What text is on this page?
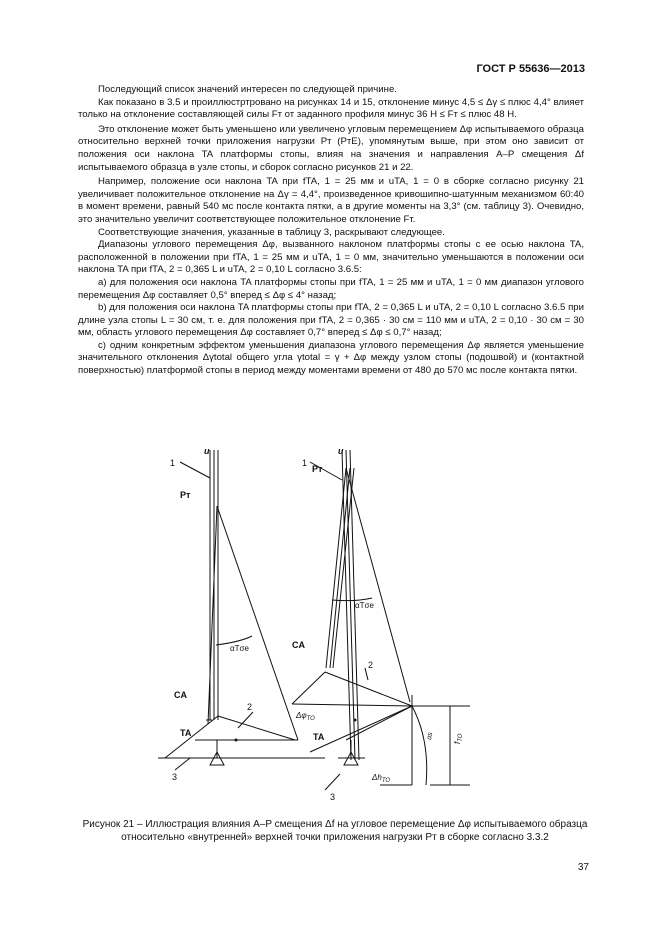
ГОСТ Р 55636—2013

Последующий список значений интересен по следующей причине.

Как показано в 3.5 и проиллюстртровано на рисунках 14 и 15, отклонение минус 4,5 ≤ Δγ ≤ плюс 4,4° влияет только на отклонение составляющей силы Fт от заданного профиля минус 36 Н ≤ Fт ≤ плюс 48 Н.

Это отклонение может быть уменьшено или увеличено угловым перемещением Δφ испытываемого образца относительно верхней точки приложения нагрузки Pт (PтE), упомянутым выше, при этом оно зависит от положения оси наклона TA платформы стопы, влияя на значения и направления A–P смещения Δf испытываемого образца в узле стопы, и сборок согласно рисунков 21 и 22.

Например, положение оси наклона TA при fTA, 1 = 25 мм и uTA, 1 = 0 в сборке согласно рисунку 21 увеличивает положительное отклонение на Δγ = 4,4°, произведенное кривошипно-шатунным механизмом 60:40 в момент времени, равный 540 мс после контакта пятки, а в другие моменты на 3,3° (см. таблицу 3). Очевидно, это значительно увеличит соответствующее положительное отклонение Fт.

Соответствующие значения, указанные в таблицу 3, раскрывают следующее.

Диапазоны углового перемещения Δφ, вызванного наклоном платформы стопы с ее осью наклона TA, расположенной в положении при fTA, 1 = 25 мм и uTA, 1 = 0 мм, значительно уменьшаются в положении оси наклона TA при fTA, 2 = 0,365 L и uTA, 2 = 0,10 L согласно 3.6.5:

a) для положения оси наклона TA платформы стопы при fTA, 1 = 25 мм и uTA, 1 = 0 мм диапазон углового перемещения Δφ составляет 0,5° вперед ≤ Δφ ≤ 4° назад;

b) для положения оси наклона TA платформы стопы при fTA, 2 = 0,365 L и uTA, 2 = 0,10 L согласно 3.6.5 при длине узла стопы L = 30 см, т. е. для положения при fTA, 2 = 0,365 · 30 см = 110 мм и uTA, 2 = 0,10 · 30 см = 30 мм, область углового перемещения Δφ составляет 0,7° вперед ≤ Δφ ≤ 0,7° назад;

c) одним конкретным эффектом уменьшения диапазона углового перемещения Δφ является уменьшение значительного отклонения Δγtotal общего угла γtotal = γ + Δφ между узлом стопы (подошвой) и (контактной поверхностью) платформой стопы в период между моментами времени от 480 до 570 мс после контакта пятки.

u	u
Pт
Pт
1	1
2
2
3
3
CA
CA
TA	TA
αTσe
αTσe
$\Delta\varphi_{TO}$
$\Delta h_{TO}$
$f_{TO}$
αs
Рисунок 21 – Иллюстрация влияния A–P смещения Δf на угловое перемещение Δφ испытываемого образца относительно «внутренней» верхней точки приложения нагрузки Pт в сборке согласно 3.3.2
37
